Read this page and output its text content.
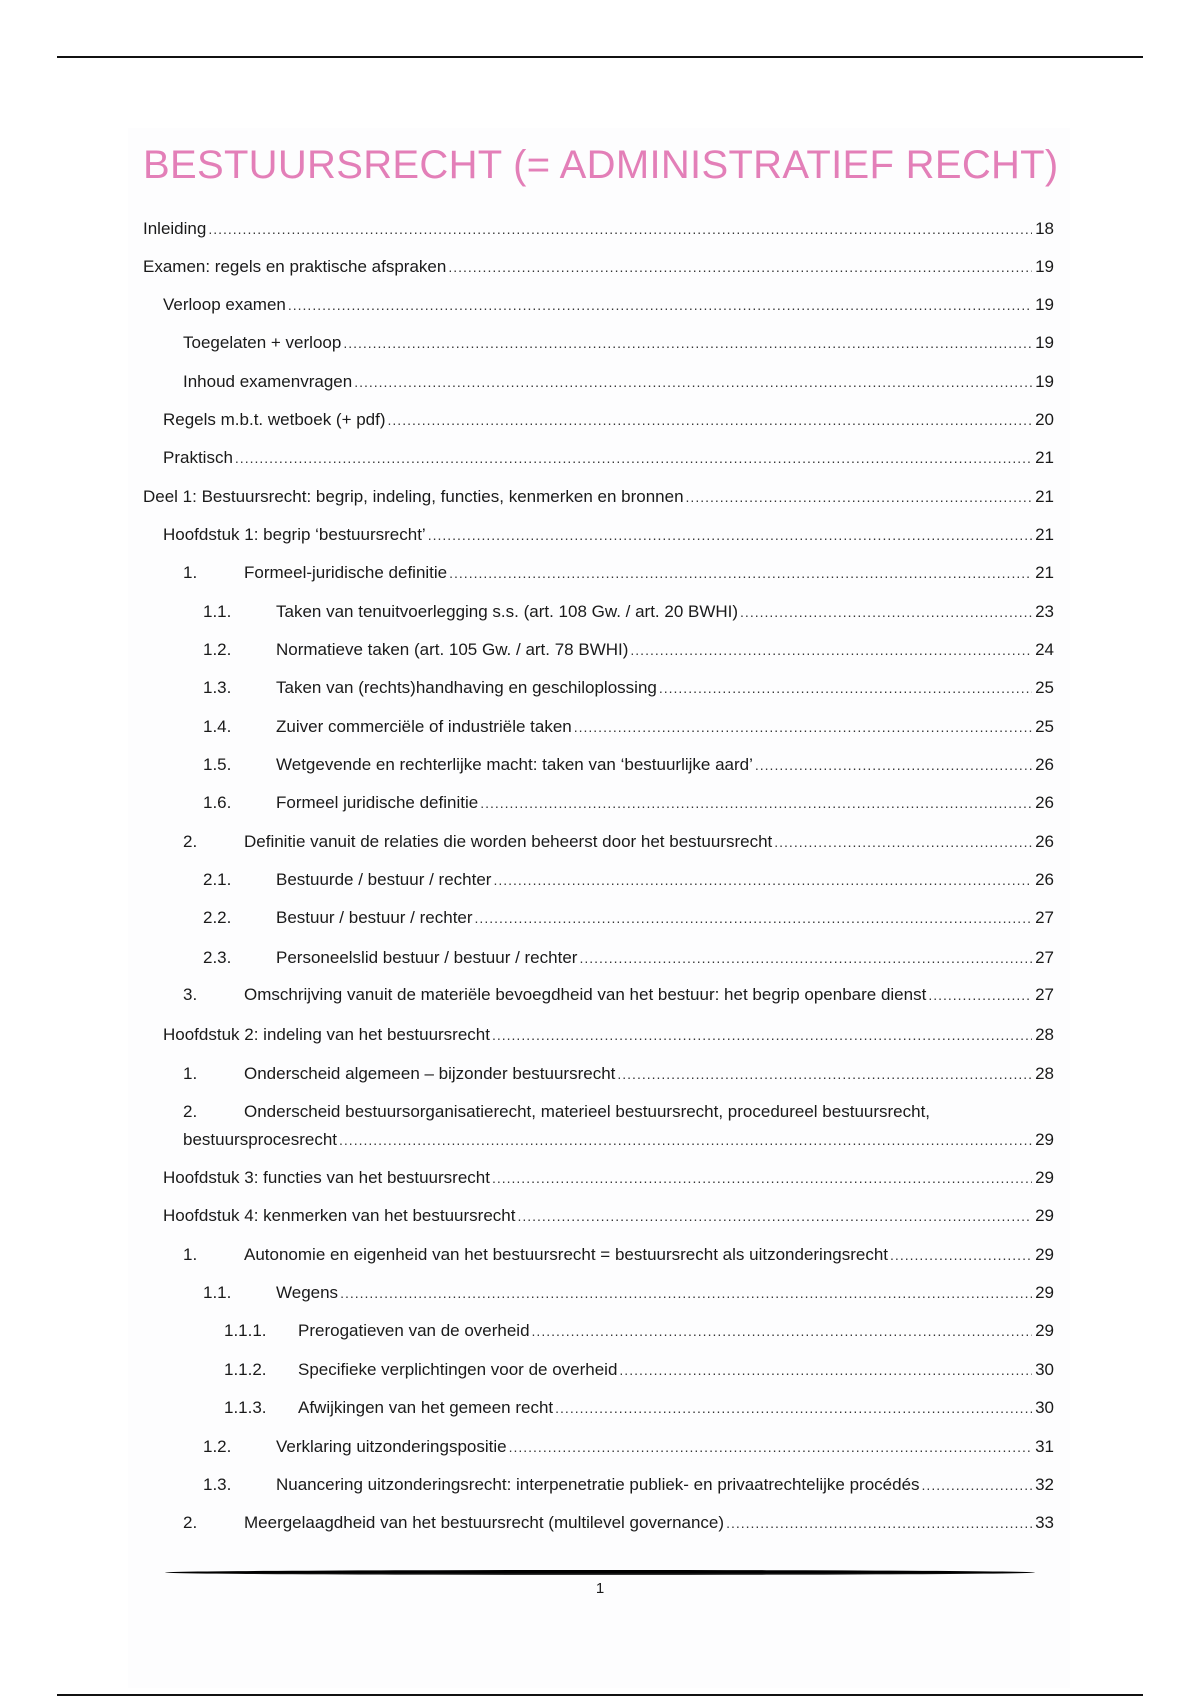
BESTUURSRECHT (= ADMINISTRATIEF RECHT)
Inleiding .....	18
Examen: regels en praktische afspraken .....	19
Verloop examen .....	19
Toegelaten + verloop .....	19
Inhoud examenvragen .....	19
Regels m.b.t. wetboek (+ pdf) .....	20
Praktisch .....	21
Deel 1: Bestuursrecht: begrip, indeling, functies, kenmerken en bronnen .....	21
Hoofdstuk 1: begrip ‘bestuursrecht’ .....	21
1.	Formeel-juridische definitie .....	21
1.1.	Taken van tenuitvoerlegging s.s. (art. 108 Gw. / art. 20 BWHI) .....	23
1.2.	Normatieve taken (art. 105 Gw. / art. 78 BWHI) .....	24
1.3.	Taken van (rechts)handhaving en geschiloplossing .....	25
1.4.	Zuiver commerciële of industriële taken .....	25
1.5.	Wetgevende en rechterlijke macht: taken van ‘bestuurlijke aard’ .....	26
1.6.	Formeel juridische definitie .....	26
2.	Definitie vanuit de relaties die worden beheerst door het bestuursrecht .....	26
2.1.	Bestuurde / bestuur / rechter .....	26
2.2.	Bestuur / bestuur / rechter .....	27
2.3.	Personeelslid bestuur / bestuur / rechter .....	27
3.	Omschrijving vanuit de materiële bevoegdheid van het bestuur: het begrip openbare dienst .....	27
Hoofdstuk 2: indeling van het bestuursrecht .....	28
1.	Onderscheid algemeen – bijzonder bestuursrecht .....	28
2.	Onderscheid bestuursorganisatierecht, materieel bestuursrecht, procedureel bestuursrecht,
bestuursprocesrecht .....	29
Hoofdstuk 3: functies van het bestuursrecht .....	29
Hoofdstuk 4: kenmerken van het bestuursrecht .....	29
1.	Autonomie en eigenheid van het bestuursrecht = bestuursrecht als uitzonderingsrecht .....	29
1.1.	Wegens .....	29
1.1.1.	Prerogatieven van de overheid .....	29
1.1.2.	Specifieke verplichtingen voor de overheid .....	30
1.1.3.	Afwijkingen van het gemeen recht .....	30
1.2.	Verklaring uitzonderingspositie .....	31
1.3.	Nuancering uitzonderingsrecht: interpenetratie publiek- en privaatrechtelijke procédés .....	32
2.	Meergelaagdheid van het bestuursrecht (multilevel governance) .....	33
1
